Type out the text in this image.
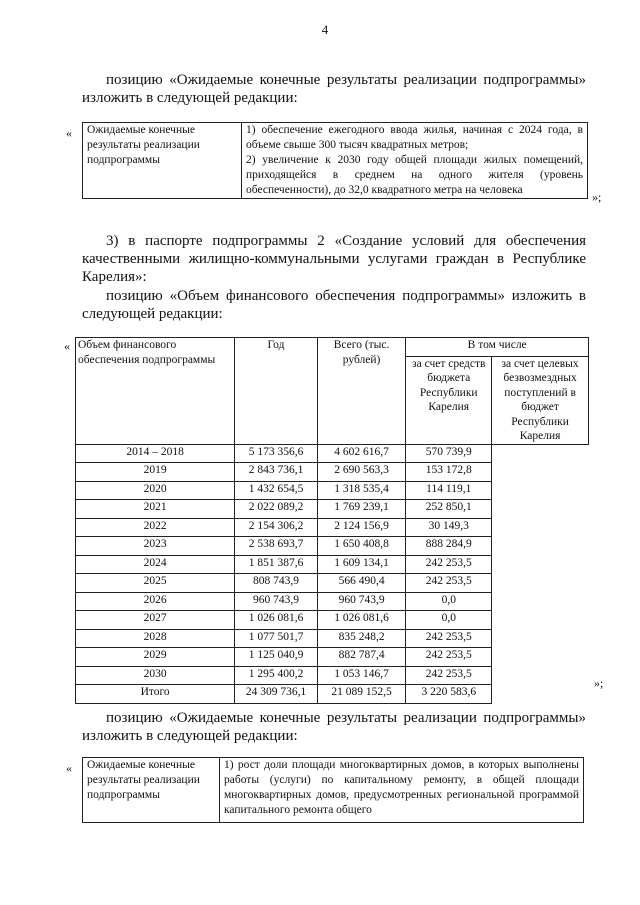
4
позицию «Ожидаемые конечные результаты реализации подпрограммы»
изложить в следующей редакции:
« Ожидаемые конечные результаты реализации подпрограммы	
1) обеспечение ежегодного ввода жилья, начиная с 2024 года, в объеме свыше 300 тысяч квадратных метров;
2) увеличение к 2030 году общей площади жилых помещений, приходящейся в среднем на одного жителя (уровень обеспеченности), до 32,0 квадратного метра на человека	»;
3) в паспорте подпрограммы 2 «Создание условий для обеспечения качественными жилищно-коммунальными услугами граждан в Республике Карелия»:
позицию «Объем финансового обеспечения подпрограммы» изложить в
следующей редакции:
« Объем финансового обеспечения подпрограммы	Год	Всего (тыс. рублей)	В том числе	
			за счет средств бюджета Республики Карелия	за счет целевых безвозмездных поступлений в бюджет Республики Карелия
2014 – 2018	5 173 356,6	4 602 616,7	570 739,9	
2019	2 843 736,1	2 690 563,3	153 172,8	
2020	1 432 654,5	1 318 535,4	114 119,1	
2021	2 022 089,2	1 769 239,1	252 850,1	
2022	2 154 306,2	2 124 156,9	30 149,3	
2023	2 538 693,7	1 650 408,8	888 284,9	
2024	1 851 387,6	1 609 134,1	242 253,5	
2025	808 743,9	566 490,4	242 253,5	
2026	960 743,9	960 743,9	0,0	
2027	1 026 081,6	1 026 081,6	0,0	
2028	1 077 501,7	835 248,2	242 253,5	
2029	1 125 040,9	882 787,4	242 253,5	
2030	1 295 400,2	1 053 146,7	242 253,5	
Итого	24 309 736,1	21 089 152,5	3 220 583,6	
»;
позицию «Ожидаемые конечные результаты реализации подпрограммы»
изложить в следующей редакции:
« Ожидаемые конечные результаты реализации подпрограммы	1) рост доли площади многоквартирных домов, в которых выполнены работы (услуги) по капитальному ремонту, в общей площади многоквартирных домов, предусмотренных региональной программой капитального ремонта общего
